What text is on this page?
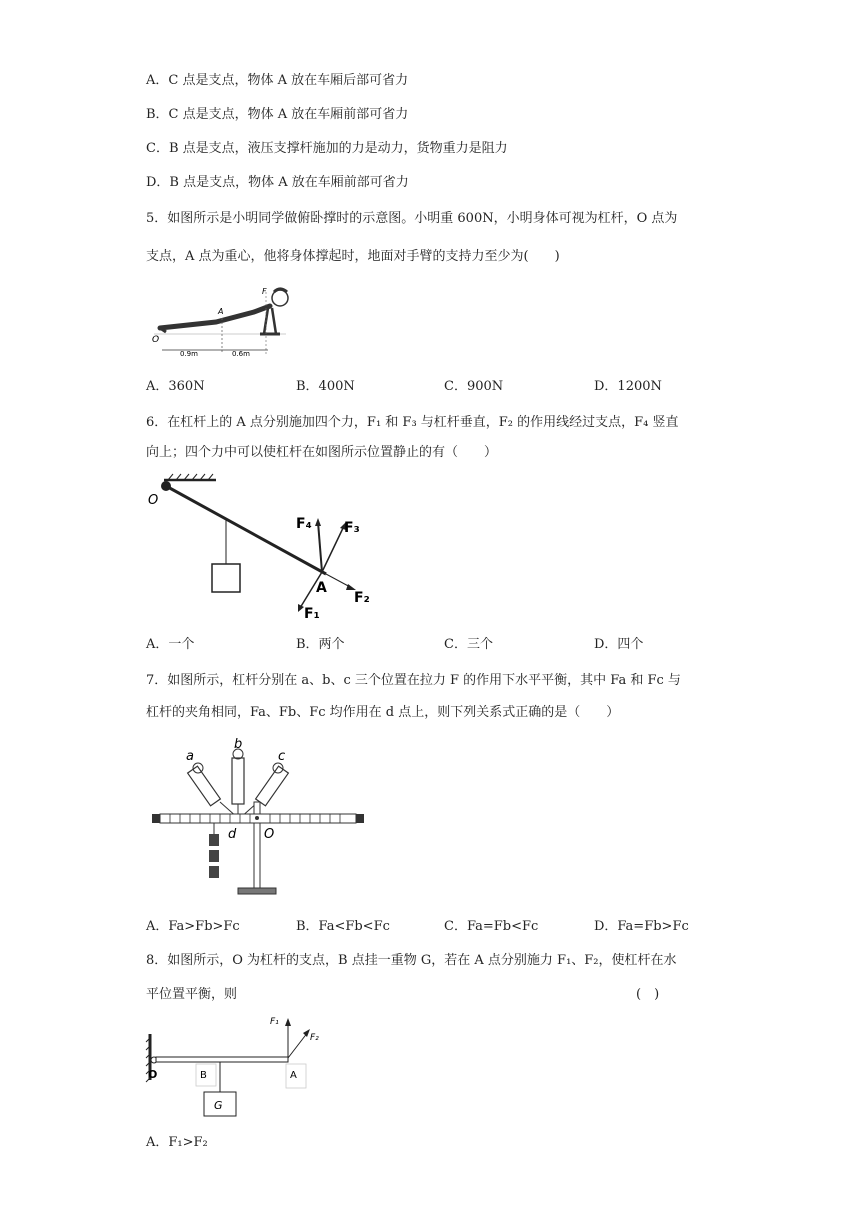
A．C 点是支点，物体 A 放在车厢后部可省力
B．C 点是支点，物体 A 放在车厢前部可省力
C．B 点是支点，液压支撑杆施加的力是动力，货物重力是阻力
D．B 点是支点，物体 A 放在车厢前部可省力
5．如图所示是小明同学做俯卧撑时的示意图。小明重 600N，小明身体可视为杠杆，O 点为
支点，A 点为重心，他将身体撑起时，地面对手臂的支持力至少为(　　)
O
A
F
0.9m	0.6m
A．360N	B．400N	C．900N	D．1200N
6．在杠杆上的 A 点分别施加四个力，F₁ 和 F₃ 与杠杆垂直，F₂ 的作用线经过支点，F₄ 竖直
向上；四个力中可以使杠杆在如图所示位置静止的有（　　）
O
A
F₄ F₃
F₂
F₁
A．一个	B．两个	C．三个	D．四个
7．如图所示，杠杆分别在 a、b、c 三个位置在拉力 F 的作用下水平平衡，其中 Fa 和 Fc 与
杠杆的夹角相同，Fa、Fb、Fc 均作用在 d 点上，则下列关系式正确的是（　　）
a
b
c
d O
A．Fa>Fb>Fc	B．Fa<Fb<Fc	C．Fa=Fb<Fc	D．Fa=Fb>Fc
8．如图所示，O 为杠杆的支点，B 点挂一重物 G，若在 A 点分别施力 F₁、F₂，使杠杆在水
平位置平衡，则	(　)
O	B	A
G
F₁
F₂
A．F₁>F₂
